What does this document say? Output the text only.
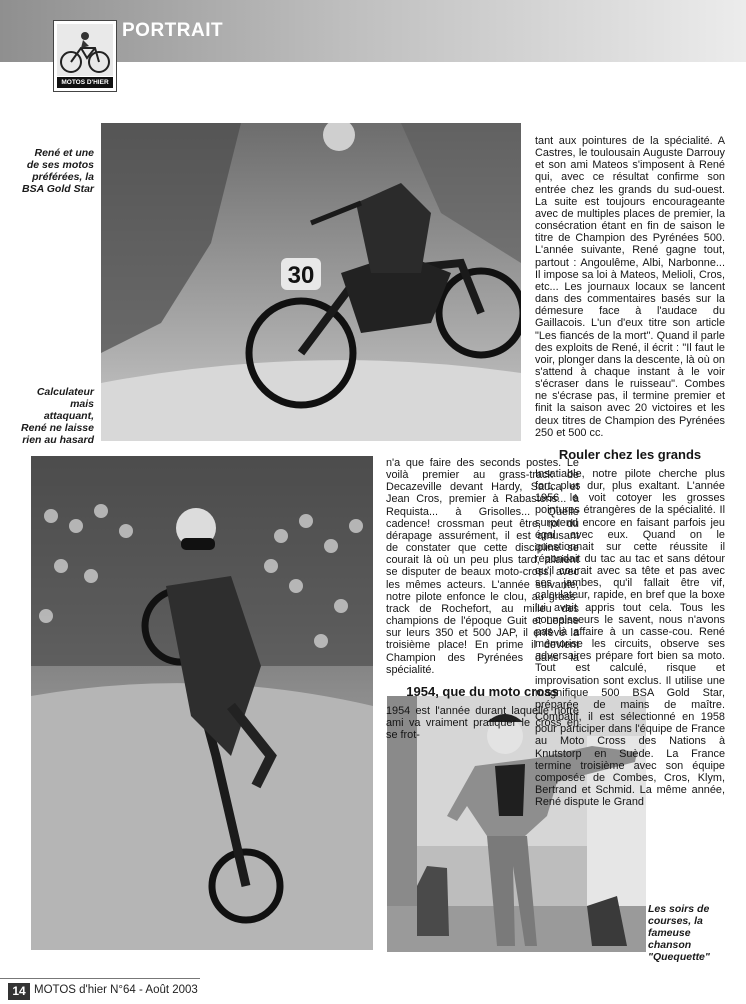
PORTRAIT
MOTOS D'HIER
René et une de ses motos préférées, la BSA Gold Star
Calculateur mais attaquant, René ne laisse rien au hasard
Les soirs de courses, la fameuse chanson "Quequette"
30

n'a que faire des seconds postes. Le voilà premier au grass-track de Decazeville devant Hardy, Sauca et Jean Cros, premier à Rabastens... à Requista... à Grisolles... Quelle cadence! crossman peut être, roi du dérapage assurément, il est amusant de constater que cette discipline se courait là où un peu plus tard, allaient se disputer de beaux moto-cross, avec les mêmes acteurs. L'année suivante, notre pilote enfonce le clou, au grass-track de Rochefort, au milieu des champions de l'époque Guit et Lepine sur leurs 350 et 500 JAP, il enlève la troisième place! En prime il devient Champion des Pyrénées dans la spécialité.

1954, que du moto cross

1954 est l'année durant laquelle notre ami va vraiment pratiquer le cross en se frot-

tant aux pointures de la spécialité. A Castres, le toulousain Auguste Darrouy et son ami Mateos s'imposent à René qui, avec ce résultat confirme son entrée chez les grands du sud-ouest. La suite est toujours encourageante avec de multiples places de premier, la consécration étant en fin de saison le titre de Champion des Pyrénées 500. L'année suivante, René gagne tout, partout : Angoulême, Albi, Narbonne... Il impose sa loi à Mateos, Melioli, Cros, etc... Les journaux locaux se lancent dans des commentaires basés sur la démesure face à l'audace du Gaillacois. L'un d'eux titre son article "Les fiancés de la mort". Quand il parle des exploits de René, il écrit : "Il faut le voir, plonger dans la descente, là où on s'attend à chaque instant à le voir s'écraser dans le ruisseau". Combes ne s'écrase pas, il termine premier et finit la saison avec 20 victoires et les deux titres de Champion des Pyrénées 250 et 500 cc.

Rouler chez les grands

Insatiable, notre pilote cherche plus fort, plus dur, plus exaltant. L'année 1956 le voit cotoyer les grosses pointures étrangères de la spécialité. Il surprend encore en faisant parfois jeu égal avec eux. Quand on le questionnait sur cette réussite il répondait du tac au tac et sans détour qu'il courait avec sa tête et pas avec ses jambes, qu'il fallait être vif, calculateur, rapide, en bref que la boxe lui avait appris tout cela. Tous les connaisseurs le savent, nous n'avons pas là affaire à un casse-cou. René mémorise les circuits, observe ses adversaires prépare fort bien sa moto. Tout est calculé, risque et improvisation sont exclus. Il utilise une magnifique 500 BSA Gold Star, préparée de mains de maître. Combatif, il est sélectionné en 1958 pour participer dans l'équipe de France au Moto Cross des Nations à Knutstorp en Suède. La France termine troisième avec son équipe composée de Combes, Cros, Klym, Bertrand et Schmid. La même année, René dispute le Grand

14 MOTOS d'hier N°64 - Août 2003
